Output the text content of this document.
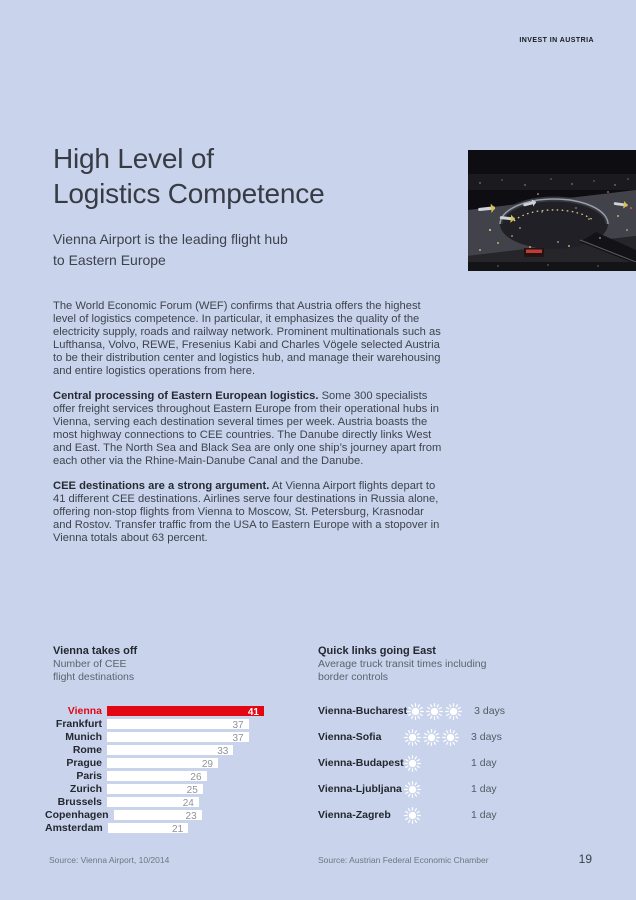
INVEST IN AUSTRIA
High Level of
Logistics Competence
Vienna Airport is the leading flight hub
to Eastern Europe

The World Economic Forum (WEF) confirms that Austria offers the highest level of logistics competence. In particular, it emphasizes the quality of the electricity supply, roads and railway network. Prominent multinationals such as Lufthansa, Volvo, REWE, Fresenius Kabi and Charles Vögele selected Austria to be their distribution center and logistics hub, and manage their warehousing and entire logistics operations from here.

Central processing of Eastern European logistics. Some 300 specialists offer freight services throughout Eastern Europe from their operational hubs in Vienna, serving each destination several times per week. Austria boasts the most highway connections to CEE countries. The Danube directly links West and East. The North Sea and Black Sea are only one ship’s journey apart from each other via the Rhine-Main-Danube Canal and the Danube.

CEE destinations are a strong argument. At Vienna Airport flights depart to 41 different CEE destinations. Airlines serve four destinations in Russia alone, offering non-stop flights from Vienna to Moscow, St. Petersburg, Krasnodar and Rostov. Transfer traffic from the USA to Eastern Europe with a stopover in Vienna totals about 63 percent.

Vienna takes off
Number of CEE
flight destinations
Quick links going East
Average truck transit times including
border controls
Vienna	41
Frankfurt	37
Munich	37
Rome	33
Prague	29
Paris	26
Zurich	25
Brussels	24
Copenhagen	23
Amsterdam	21
Vienna-Bucharest	3 days
Vienna-Sofia	3 days
Vienna-Budapest	1 day
Vienna-Ljubljana	1 day
Vienna-Zagreb	1 day
Source: Vienna Airport, 10/2014	Source: Austrian Federal Economic Chamber	19
